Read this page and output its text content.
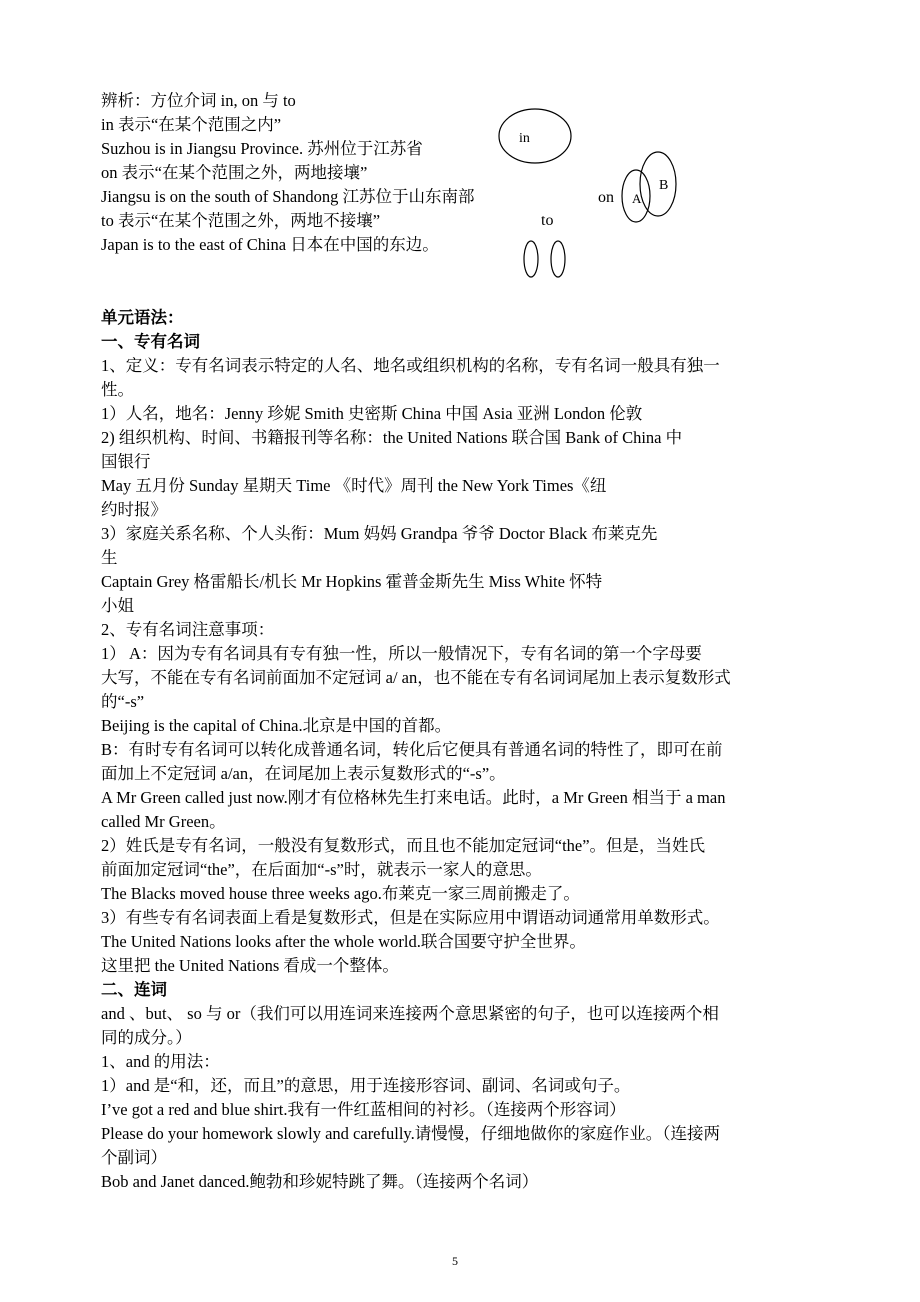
辨析：方位介词 in, on 与 to
in 表示“在某个范围之内”
Suzhou is in Jiangsu Province. 苏州位于江苏省
on 表示“在某个范围之外，两地接壤”
Jiangsu is on the south of Shandong 江苏位于山东南部
to 表示“在某个范围之外，两地不接壤”
Japan is to the east of China 日本在中国的东边。
in
on A
B
to
单元语法：
一、专有名词
1、定义：专有名词表示特定的人名、地名或组织机构的名称，专有名词一般具有独一
性。
1）人名，地名：Jenny 珍妮 Smith 史密斯 China 中国 Asia 亚洲 London 伦敦
2) 组织机构、时间、书籍报刊等名称：the United Nations 联合国 Bank of China 中
国银行
May 五月份 Sunday 星期天 Time 《时代》周刊 the New York Times《纽
约时报》
3）家庭关系名称、个人头衔：Mum 妈妈 Grandpa 爷爷 Doctor Black 布莱克先
生
Captain Grey 格雷船长/机长 Mr Hopkins 霍普金斯先生 Miss White 怀特
小姐
2、专有名词注意事项：
1） A：因为专有名词具有专有独一性，所以一般情况下，专有名词的第一个字母要
大写，不能在专有名词前面加不定冠词 a/ an，也不能在专有名词词尾加上表示复数形式
的“-s”
Beijing is the capital of China.北京是中国的首都。
B：有时专有名词可以转化成普通名词，转化后它便具有普通名词的特性了，即可在前
面加上不定冠词 a/an，在词尾加上表示复数形式的“-s”。
A Mr Green called just now.刚才有位格林先生打来电话。此时，a Mr Green 相当于 a man
called Mr Green。
2）姓氏是专有名词，一般没有复数形式，而且也不能加定冠词“the”。但是，当姓氏
前面加定冠词“the”，在后面加“-s”时，就表示一家人的意思。
The Blacks moved house three weeks ago.布莱克一家三周前搬走了。
3）有些专有名词表面上看是复数形式，但是在实际应用中谓语动词通常用单数形式。
The United Nations looks after the whole world.联合国要守护全世界。
这里把 the United Nations 看成一个整体。
二、连词
and 、but、 so 与 or（我们可以用连词来连接两个意思紧密的句子，也可以连接两个相
同的成分。）
1、and 的用法：
1）and 是“和，还，而且”的意思，用于连接形容词、副词、名词或句子。
I’ve got a red and blue shirt.我有一件红蓝相间的衬衫。（连接两个形容词）
Please do your homework slowly and carefully.请慢慢，仔细地做你的家庭作业。（连接两
个副词）
Bob and Janet danced.鲍勃和珍妮特跳了舞。（连接两个名词）
5
